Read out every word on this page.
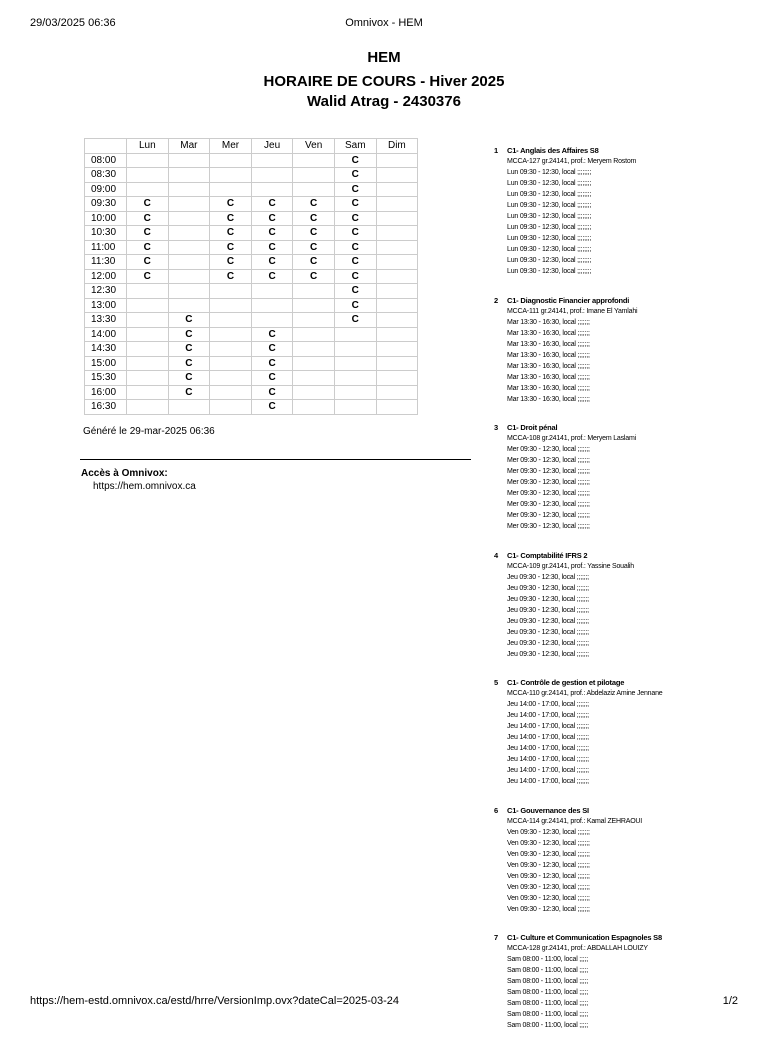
29/03/2025 06:36	Omnivox - HEM
HEM
HORAIRE DE COURS - Hiver 2025
Walid Atrag - 2430376
	Lun	Mar	Mer	Jeu	Ven	Sam	Dim
08:00						C	
08:30						C	
09:00						C	
09:30	C		C	C	C	C	
10:00	C		C	C	C	C	
10:30	C		C	C	C	C	
11:00	C		C	C	C	C	
11:30	C		C	C	C	C	
12:00	C		C	C	C	C	
12:30						C	
13:00						C	
13:30		C				C	
14:00		C		C			
14:30		C		C			
15:00		C		C			
15:30		C		C			
16:00		C		C			
16:30				C			
Généré le 29-mar-2025 06:36
Accès à Omnivox:
https://hem.omnivox.ca
1 C1- Anglais des Affaires S8
MCCA-127 gr.24141, prof.: Meryem Rostom
Lun 09:30 - 12:30, local ;;;;;;;;
Lun 09:30 - 12:30, local ;;;;;;;;
Lun 09:30 - 12:30, local ;;;;;;;;
Lun 09:30 - 12:30, local ;;;;;;;;
Lun 09:30 - 12:30, local ;;;;;;;;
Lun 09:30 - 12:30, local ;;;;;;;;
Lun 09:30 - 12:30, local ;;;;;;;;
Lun 09:30 - 12:30, local ;;;;;;;;
Lun 09:30 - 12:30, local ;;;;;;;;
Lun 09:30 - 12:30, local ;;;;;;;;
2 C1- Diagnostic Financier approfondi
MCCA-111 gr.24141, prof.: Imane El Yamlahi
Mar 13:30 - 16:30, local ;;;;;;;
Mar 13:30 - 16:30, local ;;;;;;;
Mar 13:30 - 16:30, local ;;;;;;;
Mar 13:30 - 16:30, local ;;;;;;;
Mar 13:30 - 16:30, local ;;;;;;;
Mar 13:30 - 16:30, local ;;;;;;;
Mar 13:30 - 16:30, local ;;;;;;;
Mar 13:30 - 16:30, local ;;;;;;;
3 C1- Droit pénal
MCCA-108 gr.24141, prof.: Meryem Laslami
Mer 09:30 - 12:30, local ;;;;;;;
Mer 09:30 - 12:30, local ;;;;;;;
Mer 09:30 - 12:30, local ;;;;;;;
Mer 09:30 - 12:30, local ;;;;;;;
Mer 09:30 - 12:30, local ;;;;;;;
Mer 09:30 - 12:30, local ;;;;;;;
Mer 09:30 - 12:30, local ;;;;;;;
Mer 09:30 - 12:30, local ;;;;;;;
4 C1- Comptabilité IFRS 2
MCCA-109 gr.24141, prof.: Yassine Soualih
Jeu 09:30 - 12:30, local ;;;;;;;
Jeu 09:30 - 12:30, local ;;;;;;;
Jeu 09:30 - 12:30, local ;;;;;;;
Jeu 09:30 - 12:30, local ;;;;;;;
Jeu 09:30 - 12:30, local ;;;;;;;
Jeu 09:30 - 12:30, local ;;;;;;;
Jeu 09:30 - 12:30, local ;;;;;;;
Jeu 09:30 - 12:30, local ;;;;;;;
5 C1- Contrôle de gestion et pilotage
MCCA-110 gr.24141, prof.: Abdelaziz Amine Jennane
Jeu 14:00 - 17:00, local ;;;;;;;
Jeu 14:00 - 17:00, local ;;;;;;;
Jeu 14:00 - 17:00, local ;;;;;;;
Jeu 14:00 - 17:00, local ;;;;;;;
Jeu 14:00 - 17:00, local ;;;;;;;
Jeu 14:00 - 17:00, local ;;;;;;;
Jeu 14:00 - 17:00, local ;;;;;;;
Jeu 14:00 - 17:00, local ;;;;;;;
6 C1- Gouvernance des SI
MCCA-114 gr.24141, prof.: Kamal ZEHRAOUI
Ven 09:30 - 12:30, local ;;;;;;;
Ven 09:30 - 12:30, local ;;;;;;;
Ven 09:30 - 12:30, local ;;;;;;;
Ven 09:30 - 12:30, local ;;;;;;;
Ven 09:30 - 12:30, local ;;;;;;;
Ven 09:30 - 12:30, local ;;;;;;;
Ven 09:30 - 12:30, local ;;;;;;;
Ven 09:30 - 12:30, local ;;;;;;;
7 C1- Culture et Communication Espagnoles S8
MCCA-128 gr.24141, prof.: ABDALLAH LOUIZY
Sam 08:00 - 11:00, local ;;;;;
Sam 08:00 - 11:00, local ;;;;;
Sam 08:00 - 11:00, local ;;;;;
Sam 08:00 - 11:00, local ;;;;;
Sam 08:00 - 11:00, local ;;;;;
Sam 08:00 - 11:00, local ;;;;;
Sam 08:00 - 11:00, local ;;;;;
https://hem-estd.omnivox.ca/estd/hrre/VersionImp.ovx?dateCal=2025-03-24	1/2
